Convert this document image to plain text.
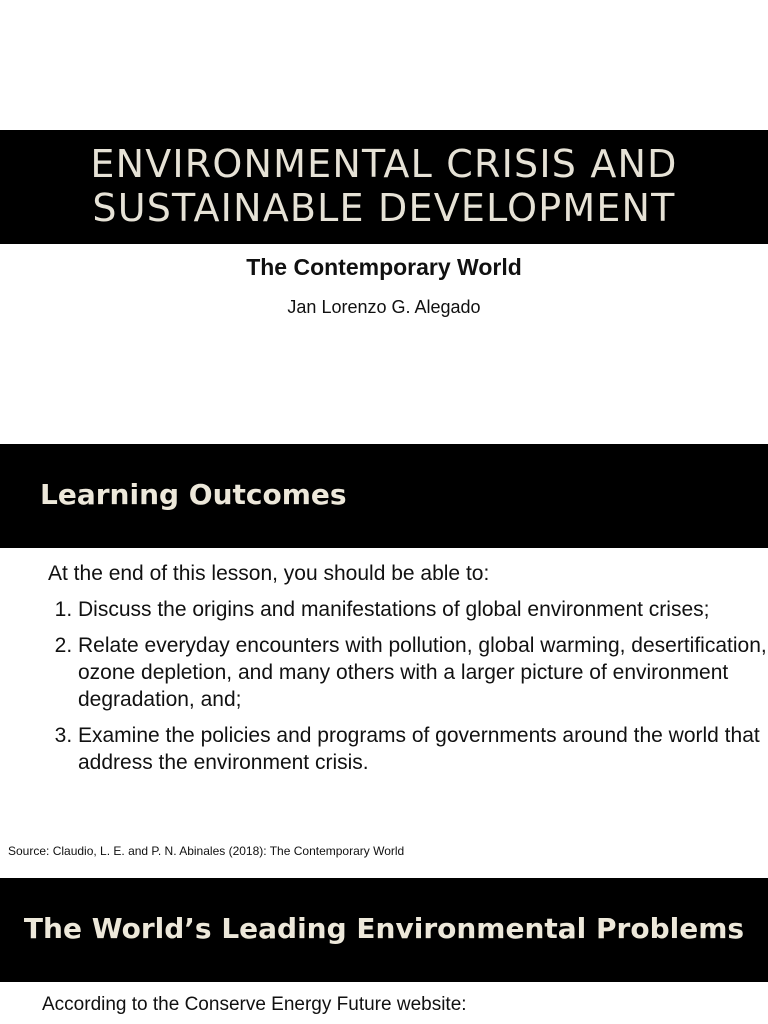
ENVIRONMENTAL CRISIS AND
SUSTAINABLE DEVELOPMENT
The Contemporary World
Jan Lorenzo G. Alegado
Learning Outcomes
At the end of this lesson, you should be able to:
1. Discuss the origins and manifestations of global environment crises;
2. Relate everyday encounters with pollution, global warming, desertification, ozone depletion, and many others with a larger picture of environment degradation, and;
3. Examine the policies and programs of governments around the world that address the environment crisis.
Source: Claudio, L. E. and P. N. Abinales (2018): The Contemporary World
The World’s Leading Environmental Problems
According to the Conserve Energy Future website:
